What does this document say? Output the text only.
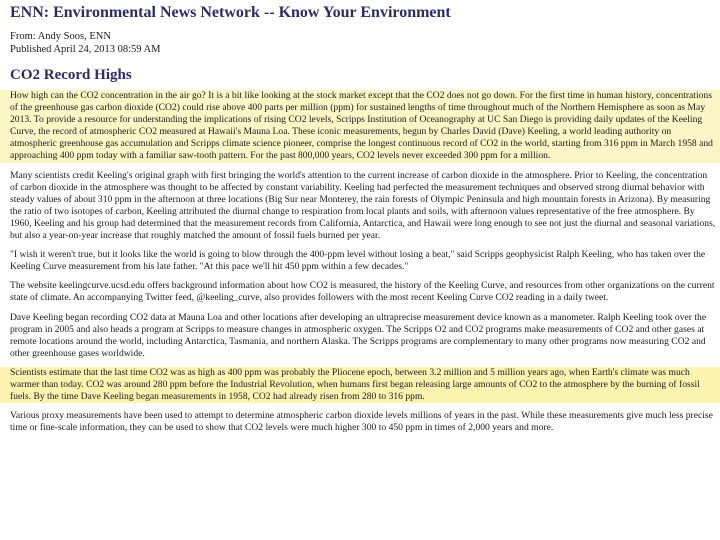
ENN: Environmental News Network -- Know Your Environment
From: Andy Soos, ENN
Published April 24, 2013 08:59 AM
CO2 Record Highs

How high can the CO2 concentration in the air go? It is a bit like looking at the stock market except that the CO2 does not go down. For the first time in human history, concentrations of the greenhouse gas carbon dioxide (CO2) could rise above 400 parts per million (ppm) for sustained lengths of time throughout much of the Northern Hemisphere as soon as May 2013. To provide a resource for understanding the implications of rising CO2 levels, Scripps Institution of Oceanography at UC San Diego is providing daily updates of the Keeling Curve, the record of atmospheric CO2 measured at Hawaii's Mauna Loa. These iconic measurements, begun by Charles David (Dave) Keeling, a world leading authority on atmospheric greenhouse gas accumulation and Scripps climate science pioneer, comprise the longest continuous record of CO2 in the world, starting from 316 ppm in March 1958 and approaching 400 ppm today with a familiar saw-tooth pattern. For the past 800,000 years, CO2 levels never exceeded 300 ppm for a million.

Many scientists credit Keeling's original graph with first bringing the world's attention to the current increase of carbon dioxide in the atmosphere. Prior to Keeling, the concentration of carbon dioxide in the atmosphere was thought to be affected by constant variability. Keeling had perfected the measurement techniques and observed strong diurnal behavior with steady values of about 310 ppm in the afternoon at three locations (Big Sur near Monterey, the rain forests of Olympic Peninsula and high mountain forests in Arizona). By measuring the ratio of two isotopes of carbon, Keeling attributed the diurnal change to respiration from local plants and soils, with afternoon values representative of the free atmosphere. By 1960, Keeling and his group had determined that the measurement records from California, Antarctica, and Hawaii were long enough to see not just the diurnal and seasonal variations, but also a year-on-year increase that roughly matched the amount of fossil fuels burned per year.

"I wish it weren't true, but it looks like the world is going to blow through the 400-ppm level without losing a beat," said Scripps geophysicist Ralph Keeling, who has taken over the Keeling Curve measurement from his late father. "At this pace we'll hit 450 ppm within a few decades."

The website keelingcurve.ucsd.edu offers background information about how CO2 is measured, the history of the Keeling Curve, and resources from other organizations on the current state of climate. An accompanying Twitter feed, @keeling_curve, also provides followers with the most recent Keeling Curve CO2 reading in a daily tweet.

Dave Keeling began recording CO2 data at Mauna Loa and other locations after developing an ultraprecise measurement device known as a manometer. Ralph Keeling took over the program in 2005 and also heads a program at Scripps to measure changes in atmospheric oxygen. The Scripps O2 and CO2 programs make measurements of CO2 and other gases at remote locations around the world, including Antarctica, Tasmania, and northern Alaska. The Scripps programs are complementary to many other programs now measuring CO2 and other greenhouse gases worldwide.

Scientists estimate that the last time CO2 was as high as 400 ppm was probably the Pliocene epoch, between 3.2 million and 5 million years ago, when Earth's climate was much warmer than today. CO2 was around 280 ppm before the Industrial Revolution, when humans first began releasing large amounts of CO2 to the atmosphere by the burning of fossil fuels. By the time Dave Keeling began measurements in 1958, CO2 had already risen from 280 to 316 ppm.

Various proxy measurements have been used to attempt to determine atmospheric carbon dioxide levels millions of years in the past. While these measurements give much less precise time or fine-scale information, they can be used to show that CO2 levels were much higher 300 to 450 ppm in times of 2,000 years and more.
